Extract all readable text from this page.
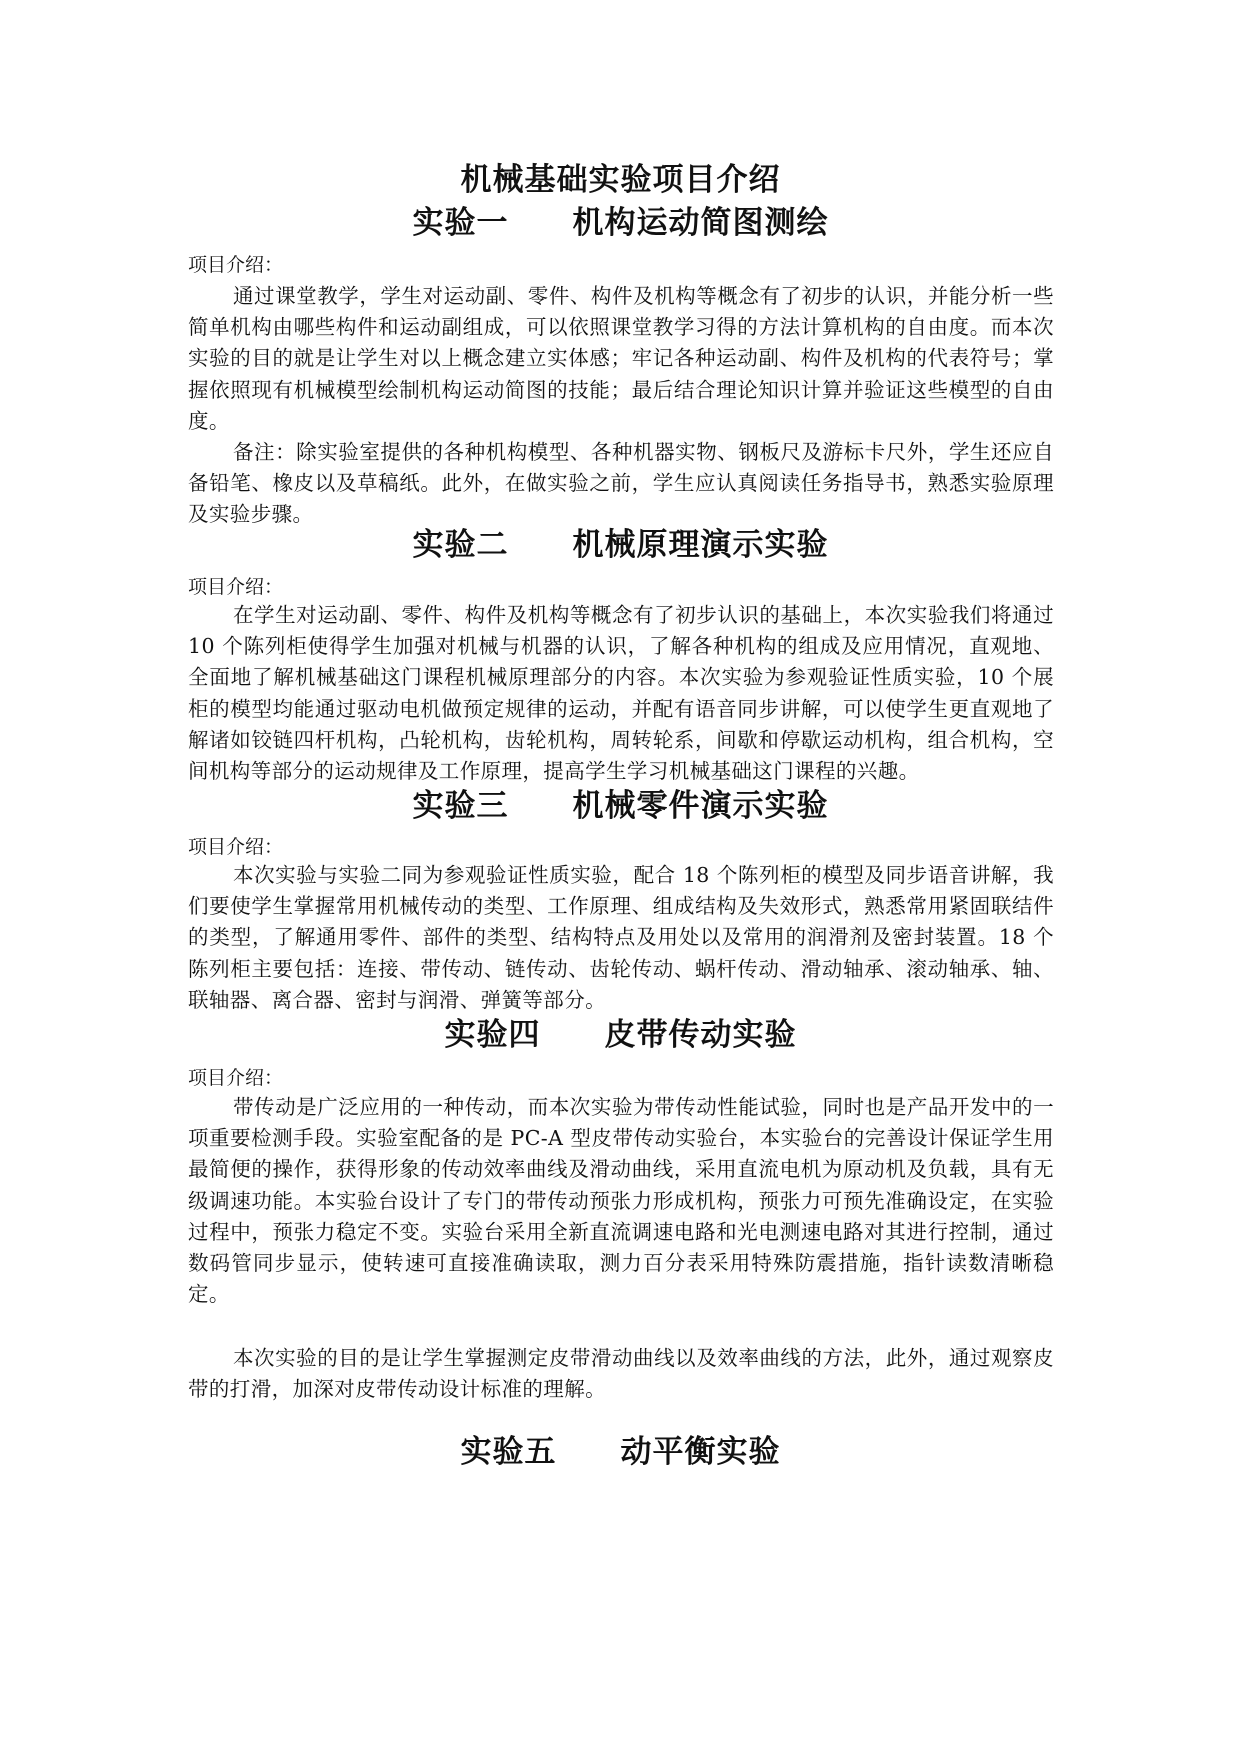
机械基础实验项目介绍
实验一　　机构运动简图测绘
项目介绍：
通过课堂教学，学生对运动副、零件、构件及机构等概念有了初步的认识，并能分析一些简单机构由哪些构件和运动副组成，可以依照课堂教学习得的方法计算机构的自由度。而本次实验的目的就是让学生对以上概念建立实体感；牢记各种运动副、构件及机构的代表符号；掌握依照现有机械模型绘制机构运动简图的技能；最后结合理论知识计算并验证这些模型的自由度。
备注：除实验室提供的各种机构模型、各种机器实物、钢板尺及游标卡尺外，学生还应自备铅笔、橡皮以及草稿纸。此外，在做实验之前，学生应认真阅读任务指导书，熟悉实验原理及实验步骤。
实验二　　机械原理演示实验
项目介绍：
在学生对运动副、零件、构件及机构等概念有了初步认识的基础上，本次实验我们将通过 10 个陈列柜使得学生加强对机械与机器的认识，了解各种机构的组成及应用情况，直观地、全面地了解机械基础这门课程机械原理部分的内容。本次实验为参观验证性质实验，10 个展柜的模型均能通过驱动电机做预定规律的运动，并配有语音同步讲解，可以使学生更直观地了解诸如铰链四杆机构，凸轮机构，齿轮机构，周转轮系，间歇和停歇运动机构，组合机构，空间机构等部分的运动规律及工作原理，提高学生学习机械基础这门课程的兴趣。
实验三　　机械零件演示实验
项目介绍：
本次实验与实验二同为参观验证性质实验，配合 18 个陈列柜的模型及同步语音讲解，我们要使学生掌握常用机械传动的类型、工作原理、组成结构及失效形式，熟悉常用紧固联结件的类型，了解通用零件、部件的类型、结构特点及用处以及常用的润滑剂及密封装置。18 个陈列柜主要包括：连接、带传动、链传动、齿轮传动、蜗杆传动、滑动轴承、滚动轴承、轴、联轴器、离合器、密封与润滑、弹簧等部分。
实验四　　皮带传动实验
项目介绍：
带传动是广泛应用的一种传动，而本次实验为带传动性能试验，同时也是产品开发中的一项重要检测手段。实验室配备的是 PC-A 型皮带传动实验台，本实验台的完善设计保证学生用最简便的操作，获得形象的传动效率曲线及滑动曲线，采用直流电机为原动机及负载，具有无级调速功能。本实验台设计了专门的带传动预张力形成机构，预张力可预先准确设定，在实验过程中，预张力稳定不变。实验台采用全新直流调速电路和光电测速电路对其进行控制，通过数码管同步显示，使转速可直接准确读取，测力百分表采用特殊防震措施，指针读数清晰稳定。
本次实验的目的是让学生掌握测定皮带滑动曲线以及效率曲线的方法，此外，通过观察皮带的打滑，加深对皮带传动设计标准的理解。
实验五　　动平衡实验
